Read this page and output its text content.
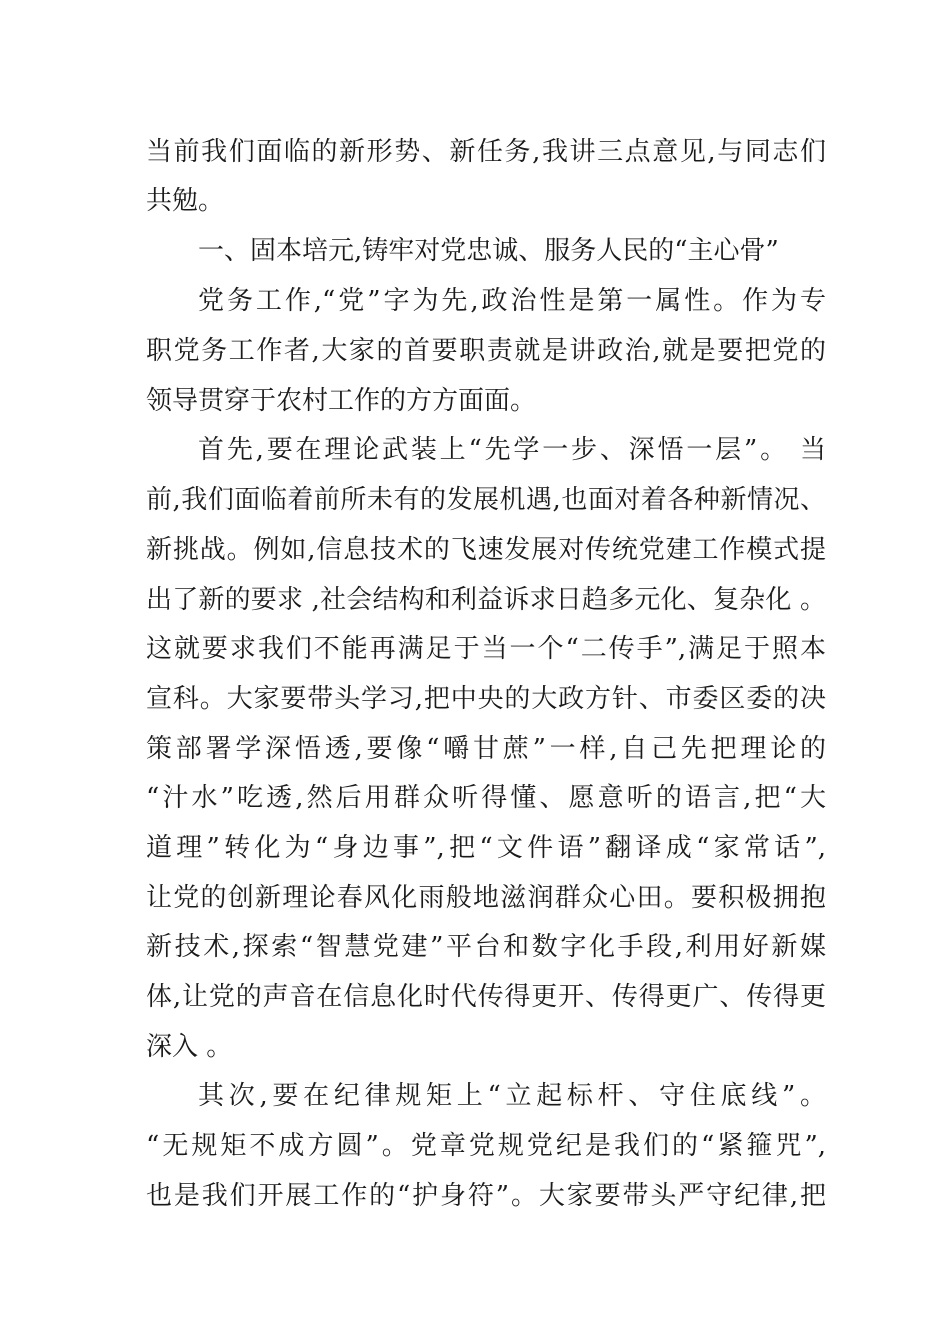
当前我们面临的新形势、新任务,我讲三点意见,与同志们
共勉。
一、固本培元,铸牢对党忠诚、服务人民的“主心骨”
党务工作,“党”字为先,政治性是第一属性。作为专
职党务工作者,大家的首要职责就是讲政治,就是要把党的
领导贯穿于农村工作的方方面面。
首先,要在理论武装上“先学一步、深悟一层”。 当
前,我们面临着前所未有的发展机遇,也面对着各种新情况、
新挑战。例如,信息技术的飞速发展对传统党建工作模式提
出了新的要求 ,社会结构和利益诉求日趋多元化、复杂化 。
这就要求我们不能再满足于当一个“二传手”,满足于照本
宣科。大家要带头学习,把中央的大政方针、市委区委的决
策部署学深悟透,要像“嚼甘蔗”一样,自己先把理论的
“汁水”吃透,然后用群众听得懂、愿意听的语言,把“大
道理”转化为“身边事”,把“文件语”翻译成“家常话”,
让党的创新理论春风化雨般地滋润群众心田。要积极拥抱
新技术,探索“智慧党建”平台和数字化手段,利用好新媒
体,让党的声音在信息化时代传得更开、传得更广、传得更
深入 。
其次,要在纪律规矩上“立起标杆、守住底线”。
“无规矩不成方圆”。党章党规党纪是我们的“紧箍咒”,
也是我们开展工作的“护身符”。大家要带头严守纪律,把
